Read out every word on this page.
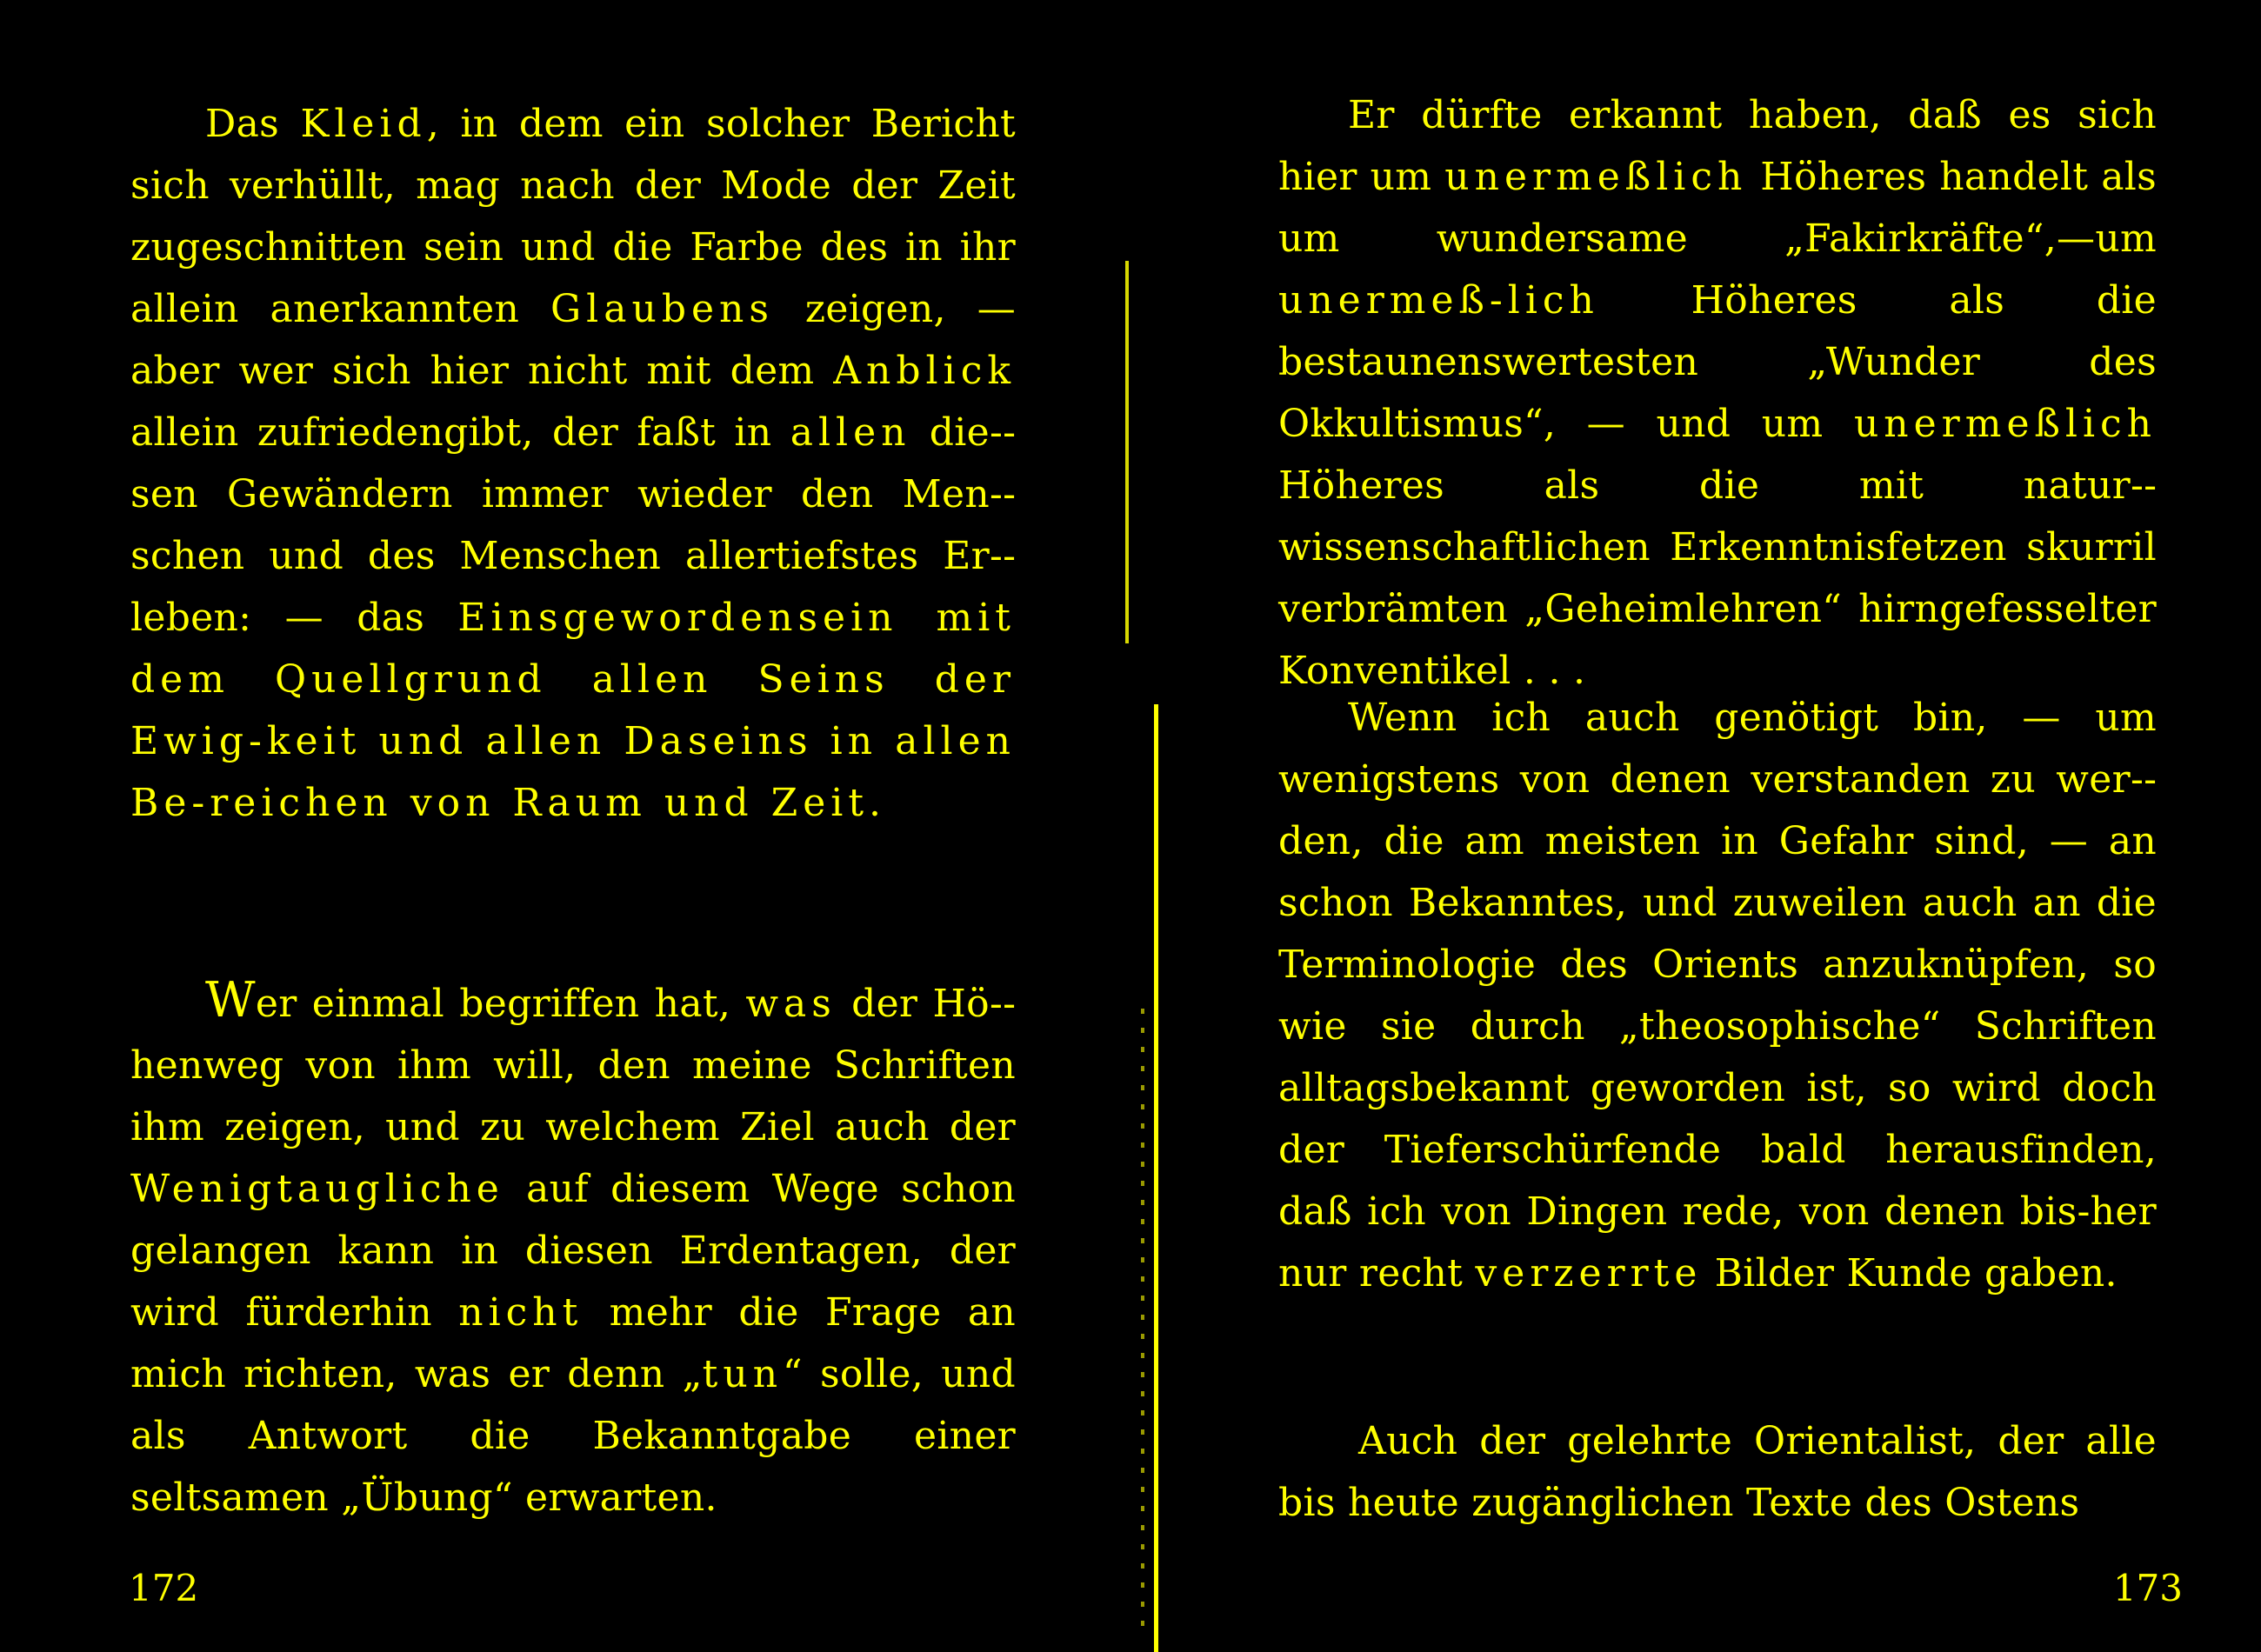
Das Kleid, in dem ein solcher Bericht sich verhüllt, mag nach der Mode der Zeit zugeschnitten sein und die Farbe des in ihr allein anerkannten Glaubens zeigen, — aber wer sich hier nicht mit dem Anblick allein zufriedengibt, der faßt in allen die-sen Gewändern immer wieder den Men-schen und des Menschen allertiefstes Er-leben: — das Einsgewordensein mit dem Quellgrund allen Seins der Ewig-keit und allen Daseins in allen Be-reichen von Raum und Zeit.

Wer einmal begriffen hat, was der Hö-henweg von ihm will, den meine Schriften ihm zeigen, und zu welchem Ziel auch der Wenigtaugliche auf diesem Wege schon gelangen kann in diesen Erdentagen, der wird fürderhin nicht mehr die Frage an mich richten, was er denn „tun“ solle, und als Antwort die Bekanntgabe einer seltsamen „Übung“ erwarten.

172

Er dürfte erkannt haben, daß es sich hier um unermeßlich Höheres handelt als um wundersame „Fakirkräfte“,—um unermeß-lich Höheres als die bestaunenswertesten „Wunder des Okkultismus“, — und um unermeßlich Höheres als die mit natur-wissenschaftlichen Erkenntnisfetzen skurril verbrämten „Geheimlehren“ hirngefesselter Konventikel . . .

Wenn ich auch genötigt bin, — um wenigstens von denen verstanden zu wer-den, die am meisten in Gefahr sind, — an schon Bekanntes, und zuweilen auch an die Terminologie des Orients anzuknüpfen, so wie sie durch „theosophische“ Schriften alltagsbekannt geworden ist, so wird doch der Tieferschürfende bald herausfinden, daß ich von Dingen rede, von denen bis-her nur recht verzerrte Bilder Kunde gaben.

Auch der gelehrte Orientalist, der alle bis heute zugänglichen Texte des Ostens

173
